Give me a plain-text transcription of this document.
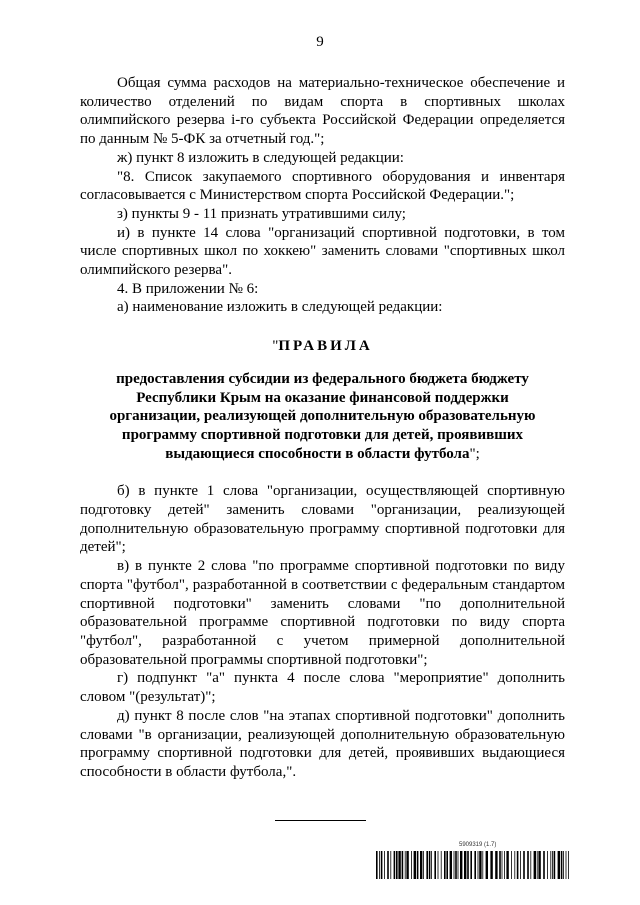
9

Общая сумма расходов на материально-техническое обеспечение и количество отделений по видам спорта в спортивных школах олимпийского резерва i-го субъекта Российской Федерации определяется по данным № 5-ФК за отчетный год.";

ж) пункт 8 изложить в следующей редакции:

"8. Список закупаемого спортивного оборудования и инвентаря согласовывается с Министерством спорта Российской Федерации.";

з) пункты 9 - 11 признать утратившими силу;

и) в пункте 14 слова "организаций спортивной подготовки, в том числе спортивных школ по хоккею" заменить словами "спортивных школ олимпийского резерва".

4. В приложении № 6:

а) наименование изложить в следующей редакции:

"ПРАВИЛА

предоставления субсидии из федерального бюджета бюджету Республики Крым на оказание финансовой поддержки организации, реализующей дополнительную образовательную программу спортивной подготовки для детей, проявивших выдающиеся способности в области футбола";

б) в пункте 1 слова "организации, осуществляющей спортивную подготовку детей" заменить словами "организации, реализующей дополнительную образовательную программу спортивной подготовки для детей";

в) в пункте 2 слова "по программе спортивной подготовки по виду спорта "футбол", разработанной в соответствии с федеральным стандартом спортивной подготовки" заменить словами "по дополнительной образовательной программе спортивной подготовки по виду спорта "футбол", разработанной с учетом примерной дополнительной образовательной программы спортивной подготовки";

г) подпункт "а" пункта 4 после слова "мероприятие" дополнить словом "(результат)";

д) пункт 8 после слов "на этапах спортивной подготовки" дополнить словами "в организации, реализующей дополнительную образовательную программу спортивной подготовки для детей, проявивших выдающиеся способности в области футбола,".

5909319 (1.7)
